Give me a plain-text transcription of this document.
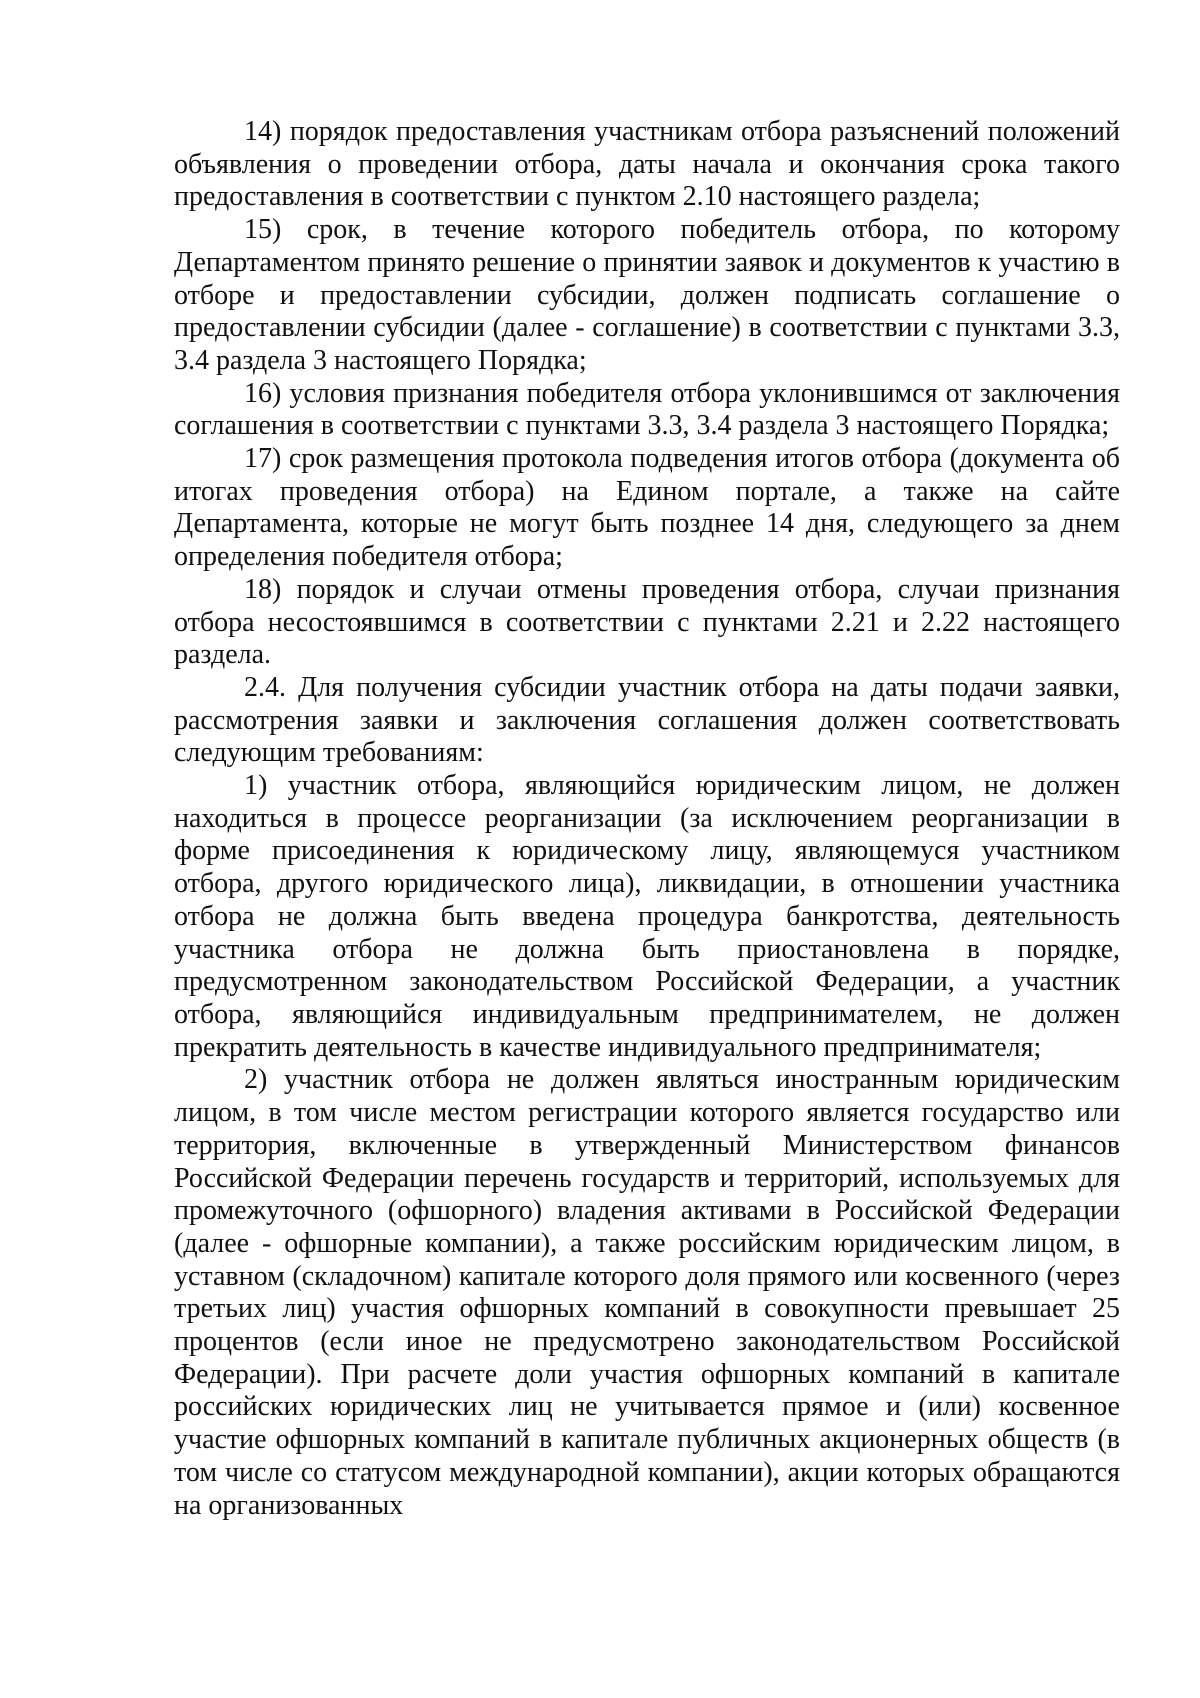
14) порядок предоставления участникам отбора разъяснений положений объявления о проведении отбора, даты начала и окончания срока такого предоставления в соответствии с пунктом 2.10 настоящего раздела;

15) срок, в течение которого победитель отбора, по которому Департаментом принято решение о принятии заявок и документов к участию в отборе и предоставлении субсидии, должен подписать соглашение о предоставлении субсидии (далее - соглашение) в соответствии с пунктами 3.3, 3.4 раздела 3 настоящего Порядка;

16) условия признания победителя отбора уклонившимся от заключения соглашения в соответствии с пунктами 3.3, 3.4 раздела 3 настоящего Порядка;

17) срок размещения протокола подведения итогов отбора (документа об итогах проведения отбора) на Едином портале, а также на сайте Департамента, которые не могут быть позднее 14 дня, следующего за днем определения победителя отбора;

18) порядок и случаи отмены проведения отбора, случаи признания отбора несостоявшимся в соответствии с пунктами 2.21 и 2.22 настоящего раздела.

2.4. Для получения субсидии участник отбора на даты подачи заявки, рассмотрения заявки и заключения соглашения должен соответствовать следующим требованиям:

1) участник отбора, являющийся юридическим лицом, не должен находиться в процессе реорганизации (за исключением реорганизации в форме присоединения к юридическому лицу, являющемуся участником отбора, другого юридического лица), ликвидации, в отношении участника отбора не должна быть введена процедура банкротства, деятельность участника отбора не должна быть приостановлена в порядке, предусмотренном законодательством Российской Федерации, а участник отбора, являющийся индивидуальным предпринимателем, не должен прекратить деятельность в качестве индивидуального предпринимателя;

2) участник отбора не должен являться иностранным юридическим лицом, в том числе местом регистрации которого является государство или территория, включенные в утвержденный Министерством финансов Российской Федерации перечень государств и территорий, используемых для промежуточного (офшорного) владения активами в Российской Федерации (далее - офшорные компании), а также российским юридическим лицом, в уставном (складочном) капитале которого доля прямого или косвенного (через третьих лиц) участия офшорных компаний в совокупности превышает 25 процентов (если иное не предусмотрено законодательством Российской Федерации). При расчете доли участия офшорных компаний в капитале российских юридических лиц не учитывается прямое и (или) косвенное участие офшорных компаний в капитале публичных акционерных обществ (в том числе со статусом международной компании), акции которых обращаются на организованных
